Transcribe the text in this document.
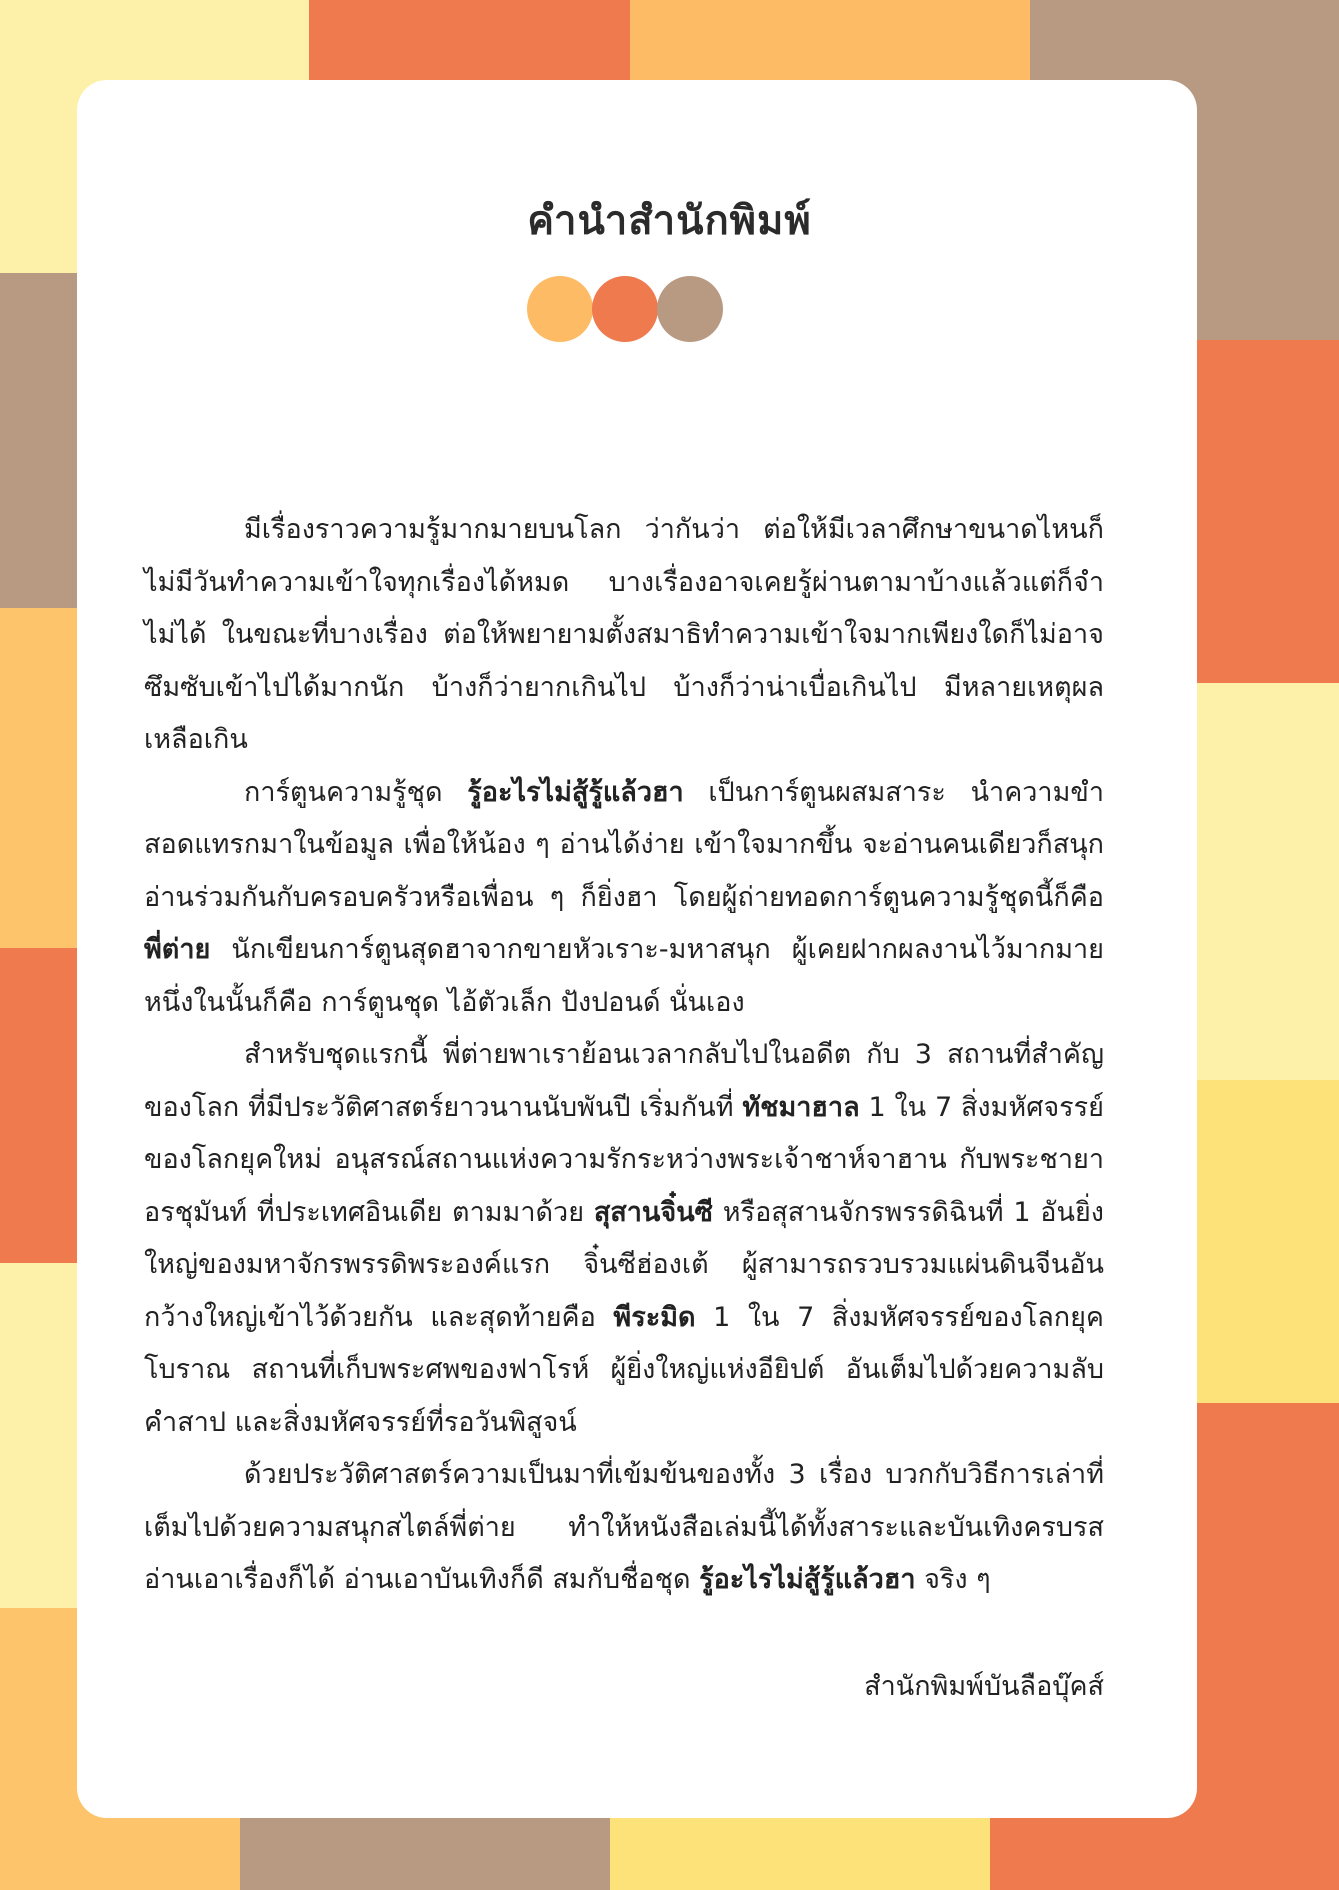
คำนำสำนักพิมพ์

มีเรื่องราวความรู้มากมายบนโลก ว่ากันว่า ต่อให้มีเวลาศึกษาขนาดไหนก็ไม่มีวันทำความเข้าใจทุกเรื่องได้หมด บางเรื่องอาจเคยรู้ผ่านตามาบ้างแล้วแต่ก็จำไม่ได้ ในขณะที่บางเรื่อง ต่อให้พยายามตั้งสมาธิทำความเข้าใจมากเพียงใดก็ไม่อาจซึมซับเข้าไปได้มากนัก บ้างก็ว่ายากเกินไป บ้างก็ว่าน่าเบื่อเกินไป มีหลายเหตุผลเหลือเกิน

การ์ตูนความรู้ชุด รู้อะไรไม่สู้รู้แล้วฮา เป็นการ์ตูนผสมสาระ นำความขำสอดแทรกมาในข้อมูล เพื่อให้น้อง ๆ อ่านได้ง่าย เข้าใจมากขึ้น จะอ่านคนเดียวก็สนุก อ่านร่วมกันกับครอบครัวหรือเพื่อน ๆ ก็ยิ่งฮา โดยผู้ถ่ายทอดการ์ตูนความรู้ชุดนี้ก็คือ พี่ต่าย นักเขียนการ์ตูนสุดฮาจากขายหัวเราะ-มหาสนุก ผู้เคยฝากผลงานไว้มากมาย หนึ่งในนั้นก็คือ การ์ตูนชุด ไอ้ตัวเล็ก ปังปอนด์ นั่นเอง

สำหรับชุดแรกนี้ พี่ต่ายพาเราย้อนเวลากลับไปในอดีต กับ 3 สถานที่สำคัญของโลก ที่มีประวัติศาสตร์ยาวนานนับพันปี เริ่มกันที่ ทัชมาฮาล 1 ใน 7 สิ่งมหัศจรรย์ของโลกยุคใหม่ อนุสรณ์สถานแห่งความรักระหว่างพระเจ้าชาห์จาฮาน กับพระชายาอรชุมันท์ ที่ประเทศอินเดีย ตามมาด้วย สุสานจิ๋นซี หรือสุสานจักรพรรดิฉินที่ 1 อันยิ่งใหญ่ของมหาจักรพรรดิพระองค์แรก จิ๋นซีฮ่องเต้ ผู้สามารถรวบรวมแผ่นดินจีนอันกว้างใหญ่เข้าไว้ด้วยกัน และสุดท้ายคือ พีระมิด 1 ใน 7 สิ่งมหัศจรรย์ของโลกยุคโบราณ สถานที่เก็บพระศพของฟาโรห์ ผู้ยิ่งใหญ่แห่งอียิปต์ อันเต็มไปด้วยความลับ คำสาป และสิ่งมหัศจรรย์ที่รอวันพิสูจน์

ด้วยประวัติศาสตร์ความเป็นมาที่เข้มข้นของทั้ง 3 เรื่อง บวกกับวิธีการเล่าที่เต็มไปด้วยความสนุกสไตล์พี่ต่าย ทำให้หนังสือเล่มนี้ได้ทั้งสาระและบันเทิงครบรส อ่านเอาเรื่องก็ได้ อ่านเอาบันเทิงก็ดี สมกับชื่อชุด รู้อะไรไม่สู้รู้แล้วฮา จริง ๆ

สำนักพิมพ์บันลือบุ๊คส์
